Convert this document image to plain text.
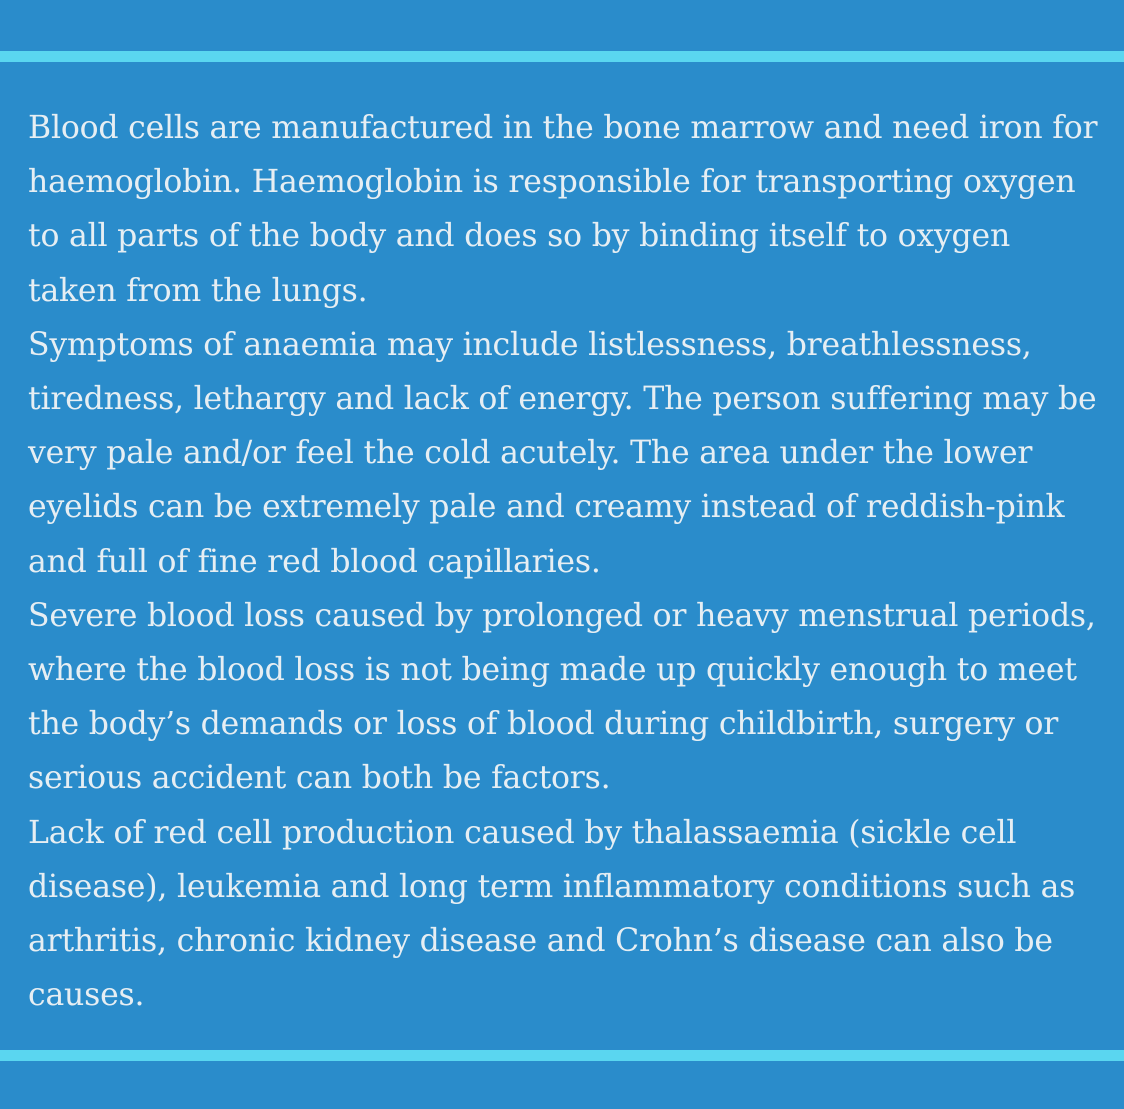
Blood cells are manufactured in the bone marrow and need iron for haemoglobin. Haemoglobin is responsible for transporting oxygen to all parts of the body and does so by binding itself to oxygen taken from the lungs.

Symptoms of anaemia may include listlessness, breathlessness, tiredness, lethargy and lack of energy. The person suffering may be very pale and/or feel the cold acutely. The area under the lower eyelids can be extremely pale and creamy instead of reddish-pink and full of fine red blood capillaries.

Severe blood loss caused by prolonged or heavy menstrual periods, where the blood loss is not being made up quickly enough to meet the body’s demands or loss of blood during childbirth, surgery or serious accident can both be factors.

Lack of red cell production caused by thalassaemia (sickle cell disease), leukemia and long term inflammatory conditions such as arthritis, chronic kidney disease and Crohn’s disease can also be causes.
